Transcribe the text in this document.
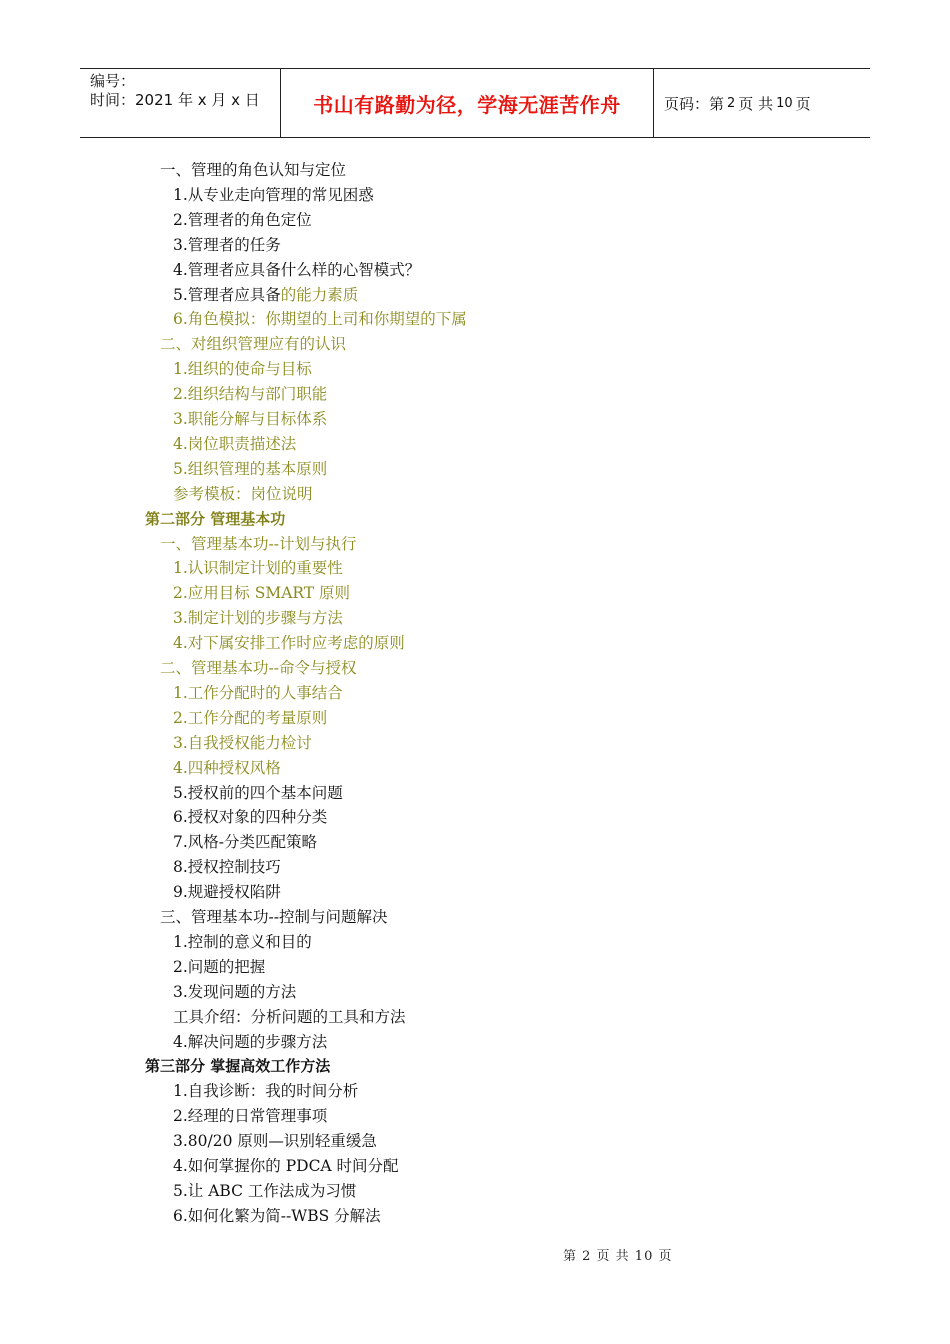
编号：
时间：2021 年 x 月 x 日	书山有路勤为径，学海无涯苦作舟	页码：第 2 页 共 10 页
一、管理的角色认知与定位
1.从专业走向管理的常见困惑
2.管理者的角色定位
3.管理者的任务
4.管理者应具备什么样的心智模式？
5.管理者应具备的能力素质
6.角色模拟：你期望的上司和你期望的下属
二、对组织管理应有的认识
1.组织的使命与目标
2.组织结构与部门职能
3.职能分解与目标体系
4.岗位职责描述法
5.组织管理的基本原则
参考模板：岗位说明
第二部分 管理基本功
一、管理基本功--计划与执行
1.认识制定计划的重要性
2.应用目标 SMART 原则
3.制定计划的步骤与方法
4.对下属安排工作时应考虑的原则
二、管理基本功--命令与授权
1.工作分配时的人事结合
2.工作分配的考量原则
3.自我授权能力检讨
4.四种授权风格
5.授权前的四个基本问题
6.授权对象的四种分类
7.风格-分类匹配策略
8.授权控制技巧
9.规避授权陷阱
三、管理基本功--控制与问题解决
1.控制的意义和目的
2.问题的把握
3.发现问题的方法
工具介绍：分析问题的工具和方法
4.解决问题的步骤方法
第三部分 掌握高效工作方法
1.自我诊断：我的时间分析
2.经理的日常管理事项
3.80/20 原则—识别轻重缓急
4.如何掌握你的 PDCA 时间分配
5.让 ABC 工作法成为习惯
6.如何化繁为简--WBS 分解法
第 2 页 共 10 页
